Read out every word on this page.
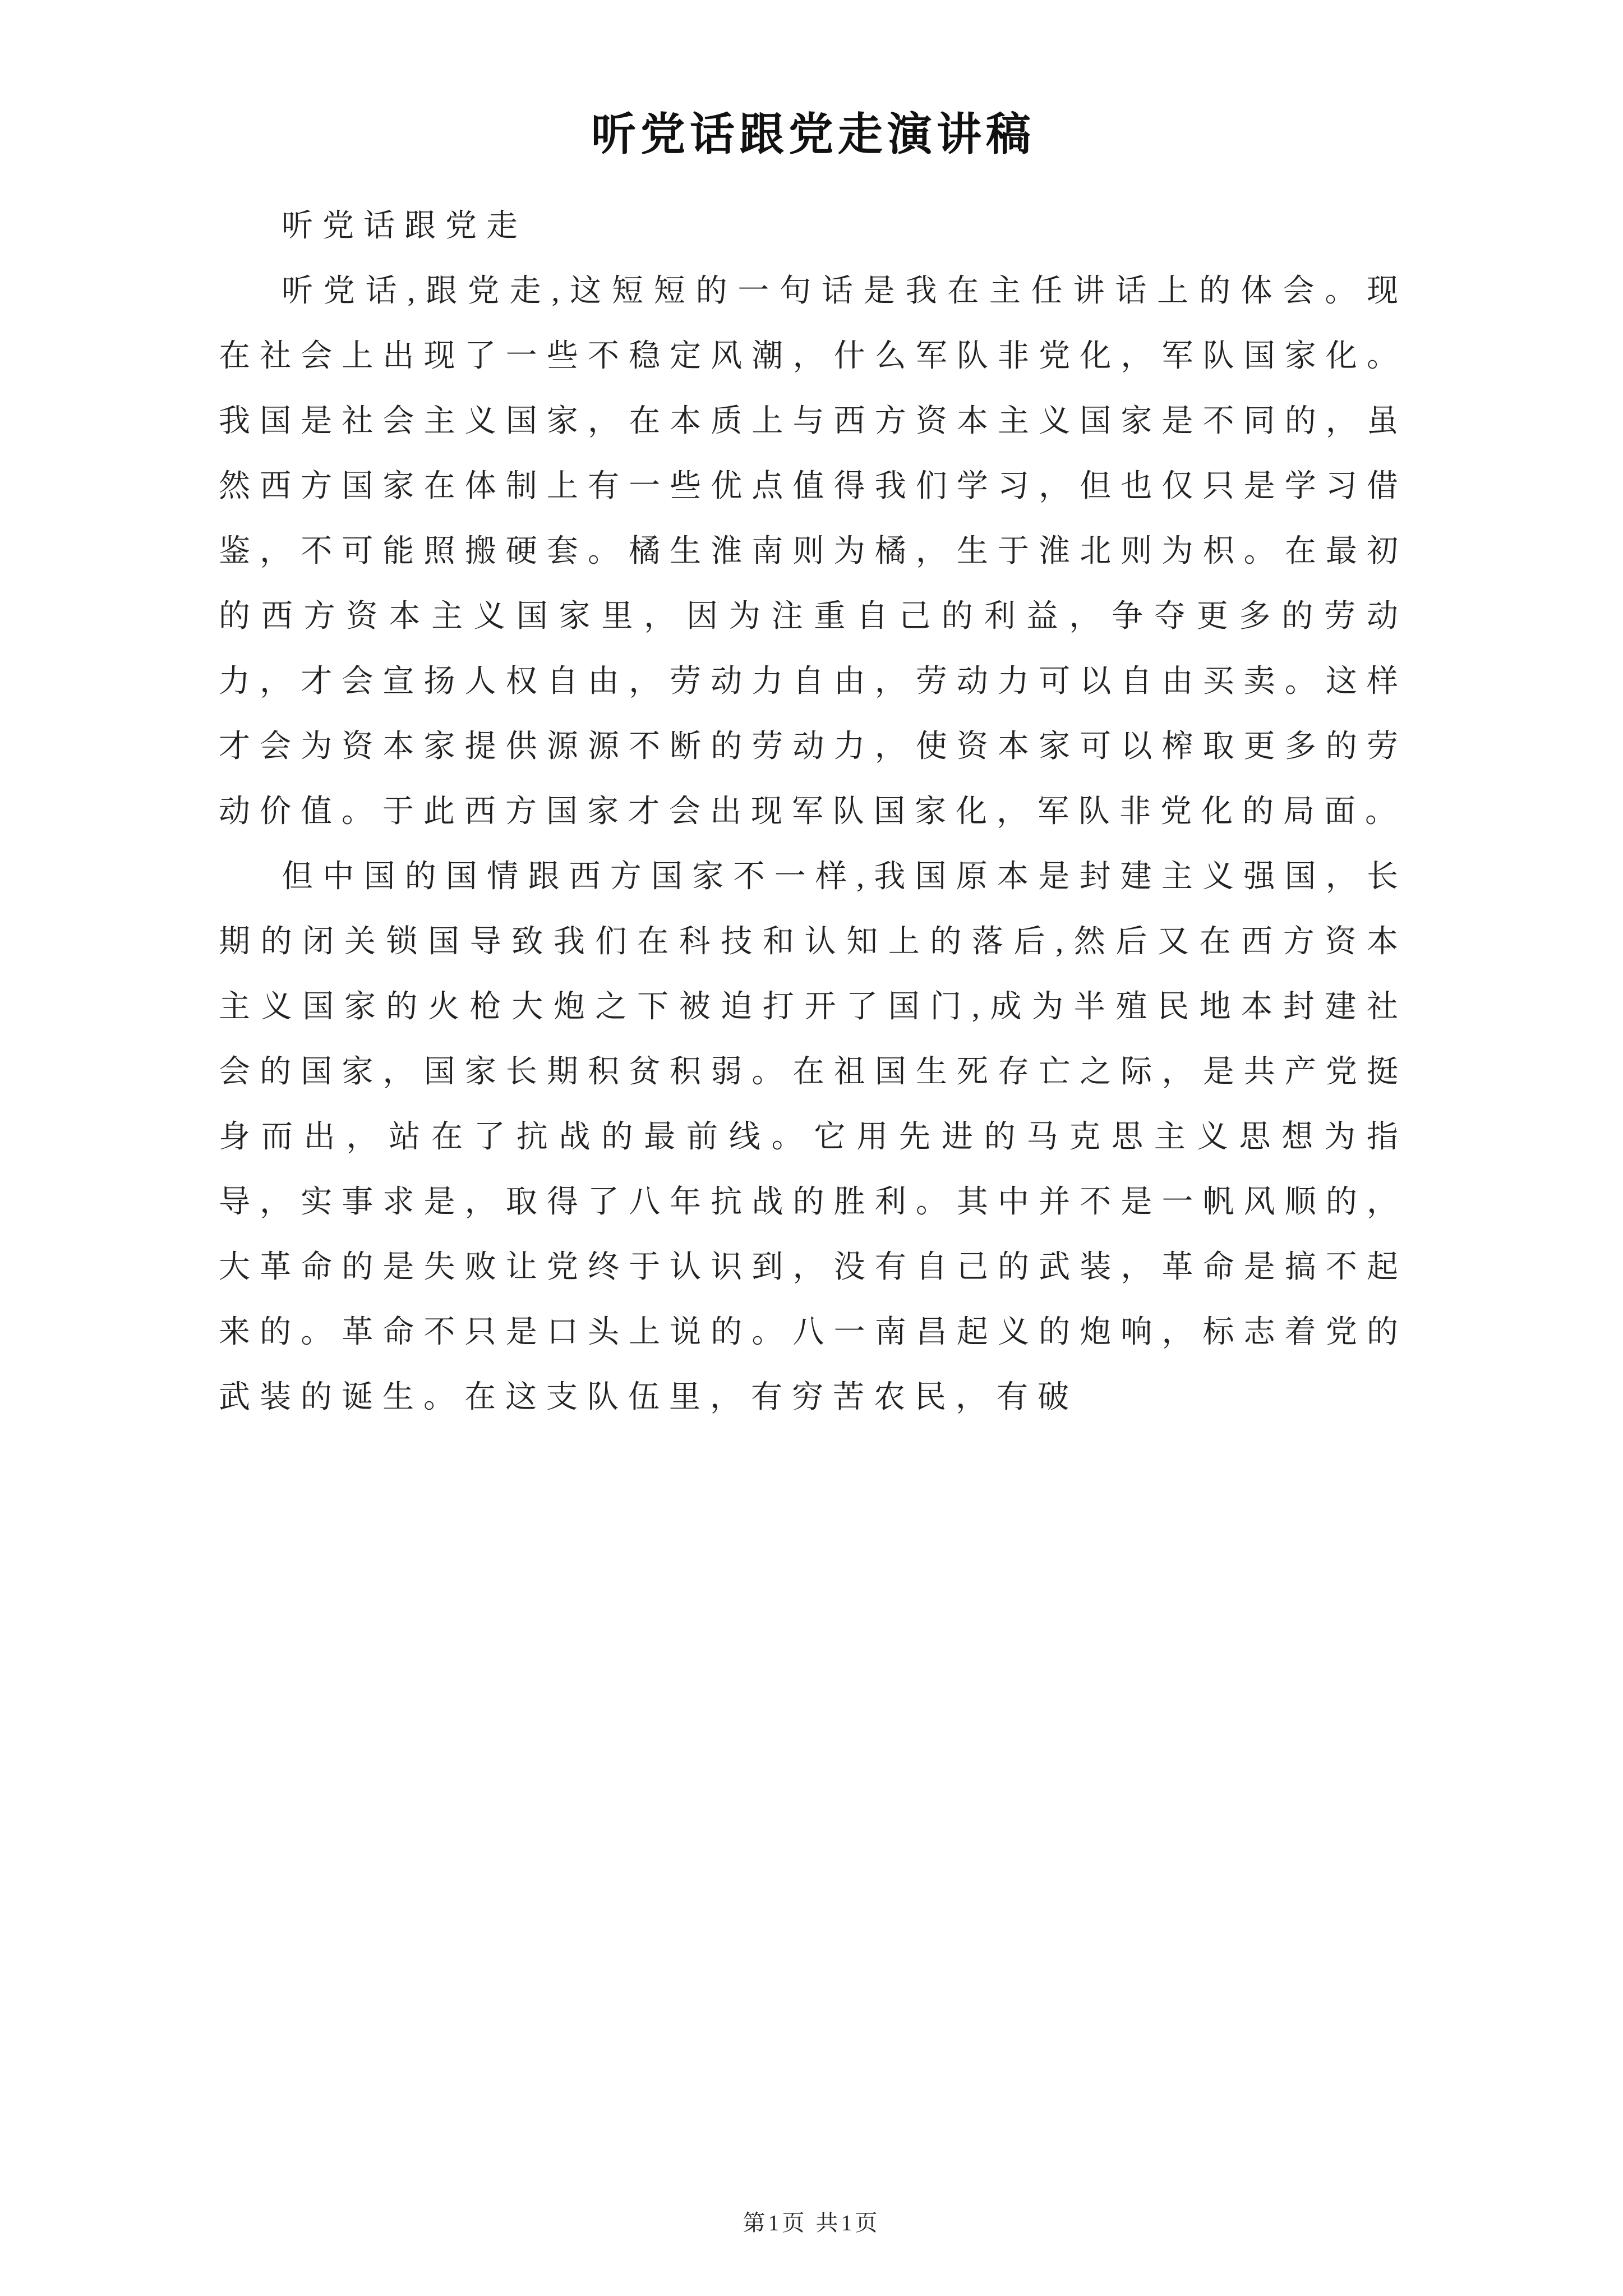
听党话跟党走演讲稿

听党话跟党走

听党话,跟党走,这短短的一句话是我在主任讲话上的体会。现在社会上出现了一些不稳定风潮，什么军队非党化，军队国家化。我国是社会主义国家，在本质上与西方资本主义国家是不同的，虽然西方国家在体制上有一些优点值得我们学习，但也仅只是学习借鉴，不可能照搬硬套。橘生淮南则为橘，生于淮北则为枳。在最初的西方资本主义国家里，因为注重自己的利益，争夺更多的劳动力，才会宣扬人权自由，劳动力自由，劳动力可以自由买卖。这样才会为资本家提供源源不断的劳动力，使资本家可以榨取更多的劳动价值。于此西方国家才会出现军队国家化，军队非党化的局面。

但中国的国情跟西方国家不一样,我国原本是封建主义强国，长期的闭关锁国导致我们在科技和认知上的落后,然后又在西方资本主义国家的火枪大炮之下被迫打开了国门,成为半殖民地本封建社会的国家，国家长期积贫积弱。在祖国生死存亡之际，是共产党挺身而出，站在了抗战的最前线。它用先进的马克思主义思想为指导，实事求是，取得了八年抗战的胜利。其中并不是一帆风顺的，大革命的是失败让党终于认识到，没有自己的武装，革命是搞不起来的。革命不只是口头上说的。八一南昌起义的炮响，标志着党的武装的诞生。在这支队伍里，有穷苦农民，有破

第1页 共1页
